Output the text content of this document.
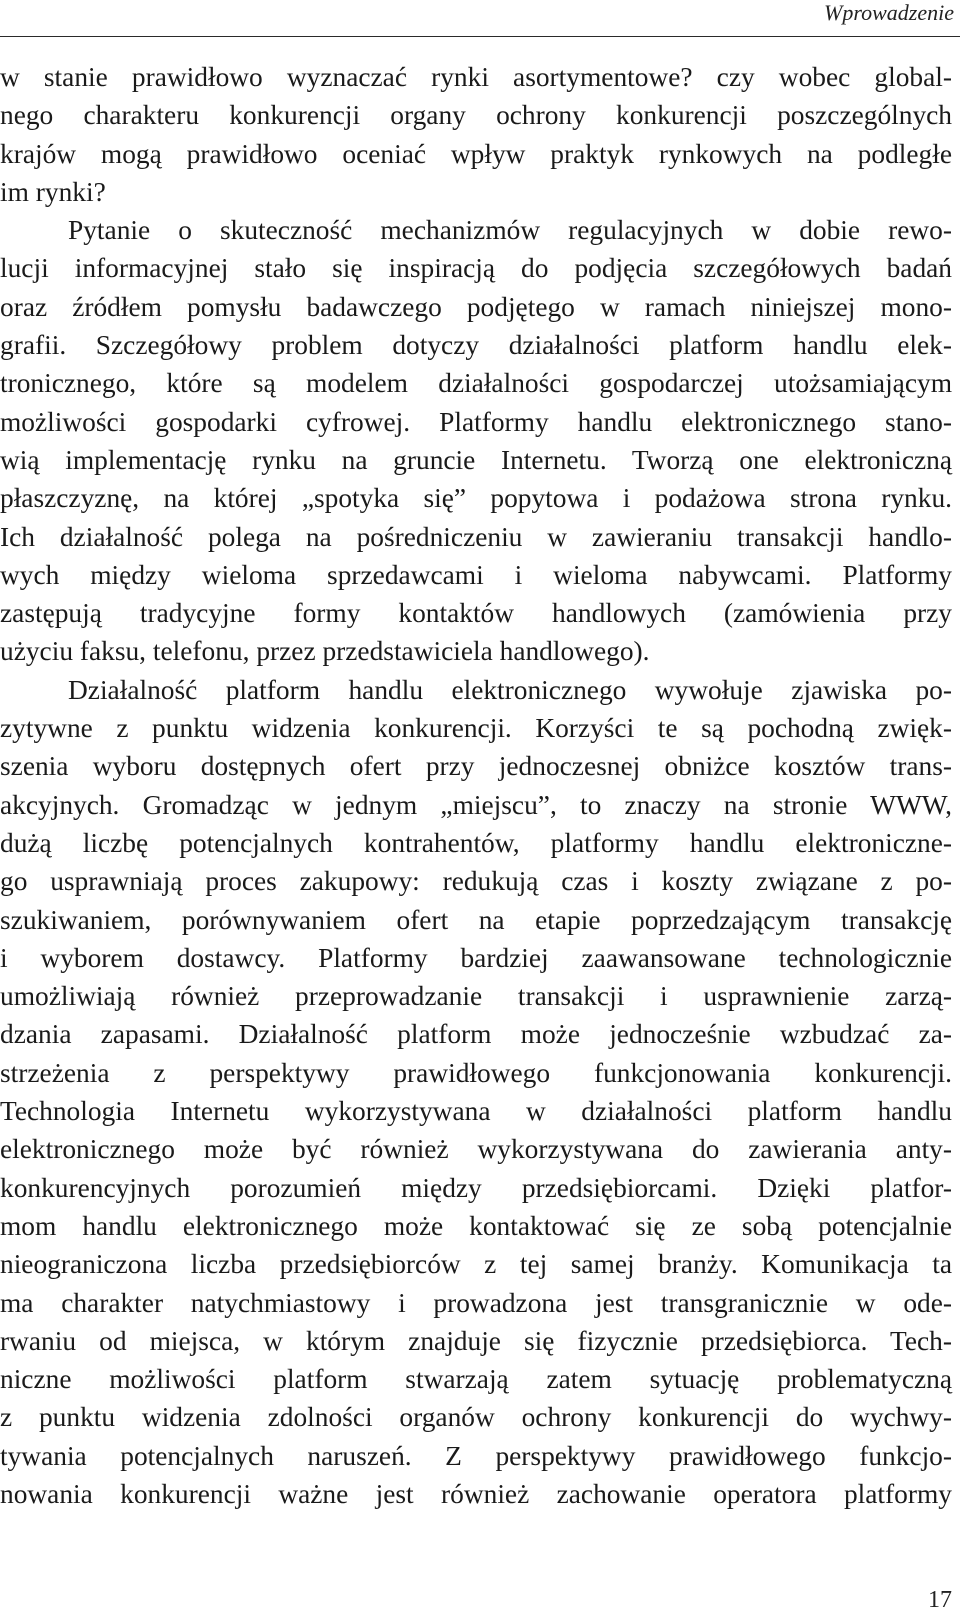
Wprowadzenie
w stanie prawidłowo wyznaczać rynki asortymentowe? czy wobec global-
nego charakteru konkurencji organy ochrony konkurencji poszczególnych
krajów mogą prawidłowo oceniać wpływ praktyk rynkowych na podległe
im rynki?
Pytanie o skuteczność mechanizmów regulacyjnych w dobie rewo-
lucji informacyjnej stało się inspiracją do podjęcia szczegółowych badań
oraz źródłem pomysłu badawczego podjętego w ramach niniejszej mono-
grafii. Szczegółowy problem dotyczy działalności platform handlu elek-
tronicznego, które są modelem działalności gospodarczej utożsamiającym
możliwości gospodarki cyfrowej. Platformy handlu elektronicznego stano-
wią implementację rynku na gruncie Internetu. Tworzą one elektroniczną
płaszczyznę, na której „spotyka się” popytowa i podażowa strona rynku.
Ich działalność polega na pośredniczeniu w zawieraniu transakcji handlo-
wych między wieloma sprzedawcami i wieloma nabywcami. Platformy
zastępują tradycyjne formy kontaktów handlowych (zamówienia przy
użyciu faksu, telefonu, przez przedstawiciela handlowego).
Działalność platform handlu elektronicznego wywołuje zjawiska po-
zytywne z punktu widzenia konkurencji. Korzyści te są pochodną zwięk-
szenia wyboru dostępnych ofert przy jednoczesnej obniżce kosztów trans-
akcyjnych. Gromadząc w jednym „miejscu”, to znaczy na stronie WWW,
dużą liczbę potencjalnych kontrahentów, platformy handlu elektroniczne-
go usprawniają proces zakupowy: redukują czas i koszty związane z po-
szukiwaniem, porównywaniem ofert na etapie poprzedzającym transakcję
i wyborem dostawcy. Platformy bardziej zaawansowane technologicznie
umożliwiają również przeprowadzanie transakcji i usprawnienie zarzą-
dzania zapasami. Działalność platform może jednocześnie wzbudzać za-
strzeżenia z perspektywy prawidłowego funkcjonowania konkurencji.
Technologia Internetu wykorzystywana w działalności platform handlu
elektronicznego może być również wykorzystywana do zawierania anty-
konkurencyjnych porozumień między przedsiębiorcami. Dzięki platfor-
mom handlu elektronicznego może kontaktować się ze sobą potencjalnie
nieograniczona liczba przedsiębiorców z tej samej branży. Komunikacja ta
ma charakter natychmiastowy i prowadzona jest transgranicznie w ode-
rwaniu od miejsca, w którym znajduje się fizycznie przedsiębiorca. Tech-
niczne możliwości platform stwarzają zatem sytuację problematyczną
z punktu widzenia zdolności organów ochrony konkurencji do wychwy-
tywania potencjalnych naruszeń. Z perspektywy prawidłowego funkcjo-
nowania konkurencji ważne jest również zachowanie operatora platformy
17
